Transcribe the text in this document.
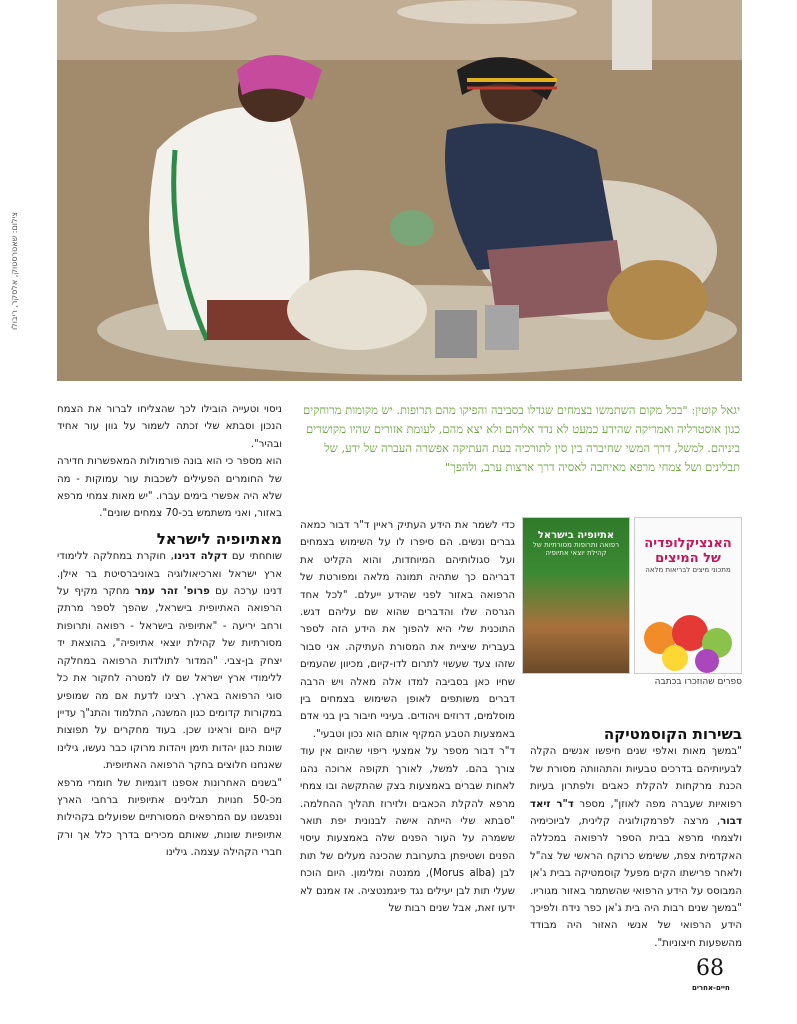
צילום: שאטרסטוק, אלסקר, ריבולו
יגאל קוטין: "בכל מקום השתמשו בצמחים שגדלו בסביבה והפיקו מהם תרופות. יש מקומות מרוחקים כגון אוסטרליה ואמריקה שהידע כמעט לא נדד אליהם ולא יצא מהם, לעומת אזורים שהיו מקושרים ביניהם. למשל, דרך המשי שחיברה בין סין לתורכיה בעת העתיקה אפשרה העברה של ידע, של תבלינים ושל צמחי מרפא מאיחבה לאסיה דרך ארצות ערב, ולהפך"
אתיופיה בישראל
רפואה ותרופות מסורתיות של קהילת יוצאי אתיופיה
האנציקלופדיה של המיצים
מתכוני מיצים לבריאות מלאה
ספרים שהוזכרו בכתבה
בשירות הקוסמטיקה

"במשך מאות ואלפי שנים חיפשו אנשים הקלה לבעיותיהם בדרכים טבעיות והתהוותה מסורת של הכנת מרקחות להקלת כאבים ולפתרון בעיות רפואיות שעברה מפה לאוזן", מספר ד"ר זיאד דבור, מרצה לפרמקולוגיה קלינית, לביוכימיה ולצמחי מרפא בבית הספר לרפואה במכללה האקדמית צפת, ששימש כרוקח הראשי של צה"ל ולאחר פרישתו הקים מפעל קוסמטיקה בבית ג'אן המבוסס על הידע הרפואי שהשתמר באזור מגוריו. "במשך שנים רבות היה בית ג'אן כפר נידח ולפיכך הידע הרפואי של אנשי האזור היה מבודד מהשפעות חיצוניות".

כדי לשמר את הידע העתיק ראיין ד"ר דבור כמאה גברים ונשים. הם סיפרו לו על השימוש בצמחים ועל סגולותיהם המיוחדות, והוא הקליט את דבריהם כך שתהיה תמונה מלאה ומפורטת של הרפואה באזור לפני שהידע ייעלם. "לכל אחד הגרסה שלו והדברים שהוא שם עליהם דגש. התוכנית שלי היא להפוך את הידע הזה לספר בעברית שיציית את המסורת העתיקה. אני סבור שזהו צעד שעשוי לתרום לדו-קיום, מכיוון שהעמים שחיו כאן בסביבה למדו אלה מאלה ויש הרבה דברים משותפים לאופן השימוש בצמחים בין מוסלמים, דרוזים ויהודים. בעיניי חיבור בין בני אדם באמצעות הטבע המקיף אותם הוא נכון וטבעי".

ד"ר דבור מספר על אמצעי ריפוי שהיום אין עוד צורך בהם. למשל, לאורך תקופה ארוכה נהגו לאחות שברים באמצעות בצק שהתקשה ובו צמחי מרפא להקלת הכאבים ולזירוז תהליך ההחלמה. "סבתא שלי הייתה אישה לבנונית יפת תואר ששמרה על העור הפנים שלה באמצעות עיסוי הפנים ושטיפתן בתערובת שהכינה מעלים של תות לבן (Morus alba), ממנטה ומלימון. היום הוכח שעלי תות לבן יעילים נגד פיגמנטציה. אז אמנם לא ידעו זאת, אבל שנים רבות של

ניסוי וטעייה הובילו לכך שהצליחו לברור את הצמח הנכון וסבתא שלי זכתה לשמור על גוון עור אחיד ובהיר".

הוא מספר כי הוא בונה פורמולות המאפשרות חדירה של החומרים הפעילים לשכבות עור עמוקות - מה שלא היה אפשרי בימים עברו. "יש מאות צמחי מרפא באזור, ואני משתמש בכ-70 צמחים שונים".

מאתיופיה לישראל

שוחחתי עם דקלה דנינו, חוקרת במחלקה ללימודי ארץ ישראל וארכיאולוגיה באוניברסיטת בר אילן. דנינו ערכה עם פרופ' זהר עמר מחקר מקיף על הרפואה האתיופית בישראל, שהפך לספר מרתק ורחב יריעה - "אתיופיה בישראל - רפואה ותרופות מסורתיות של קהילת יוצאי אתיופיה", בהוצאת יד יצחק בן-צבי. "המדור לתולדות הרפואה במחלקה ללימודי ארץ ישראל שם לו למטרה לחקור את כל סוגי הרפואה בארץ. רצינו לדעת אם מה שמופיע במקורות קדומים כגון המשנה, התלמוד והתנ"ך עדיין קיים היום וראינו שכן. בעוד מחקרים על תפוצות שונות כגון יהדות תימן ויהדות מרוקו כבר נעשו, גילינו שאנחנו חלוצים בחקר הרפואה האתיופית.

"בשנים האחרונות אספנו דוגמיות של חומרי מרפא מכ-50 חנויות תבלינים אתיופיות ברחבי הארץ ונפגשנו עם המרפאים המסורתיים שפועלים בקהילות אתיופיות שונות, שאותם מכירים בדרך כלל אך ורק חברי הקהילה עצמה. גילינו

68
חיים-אחרים
